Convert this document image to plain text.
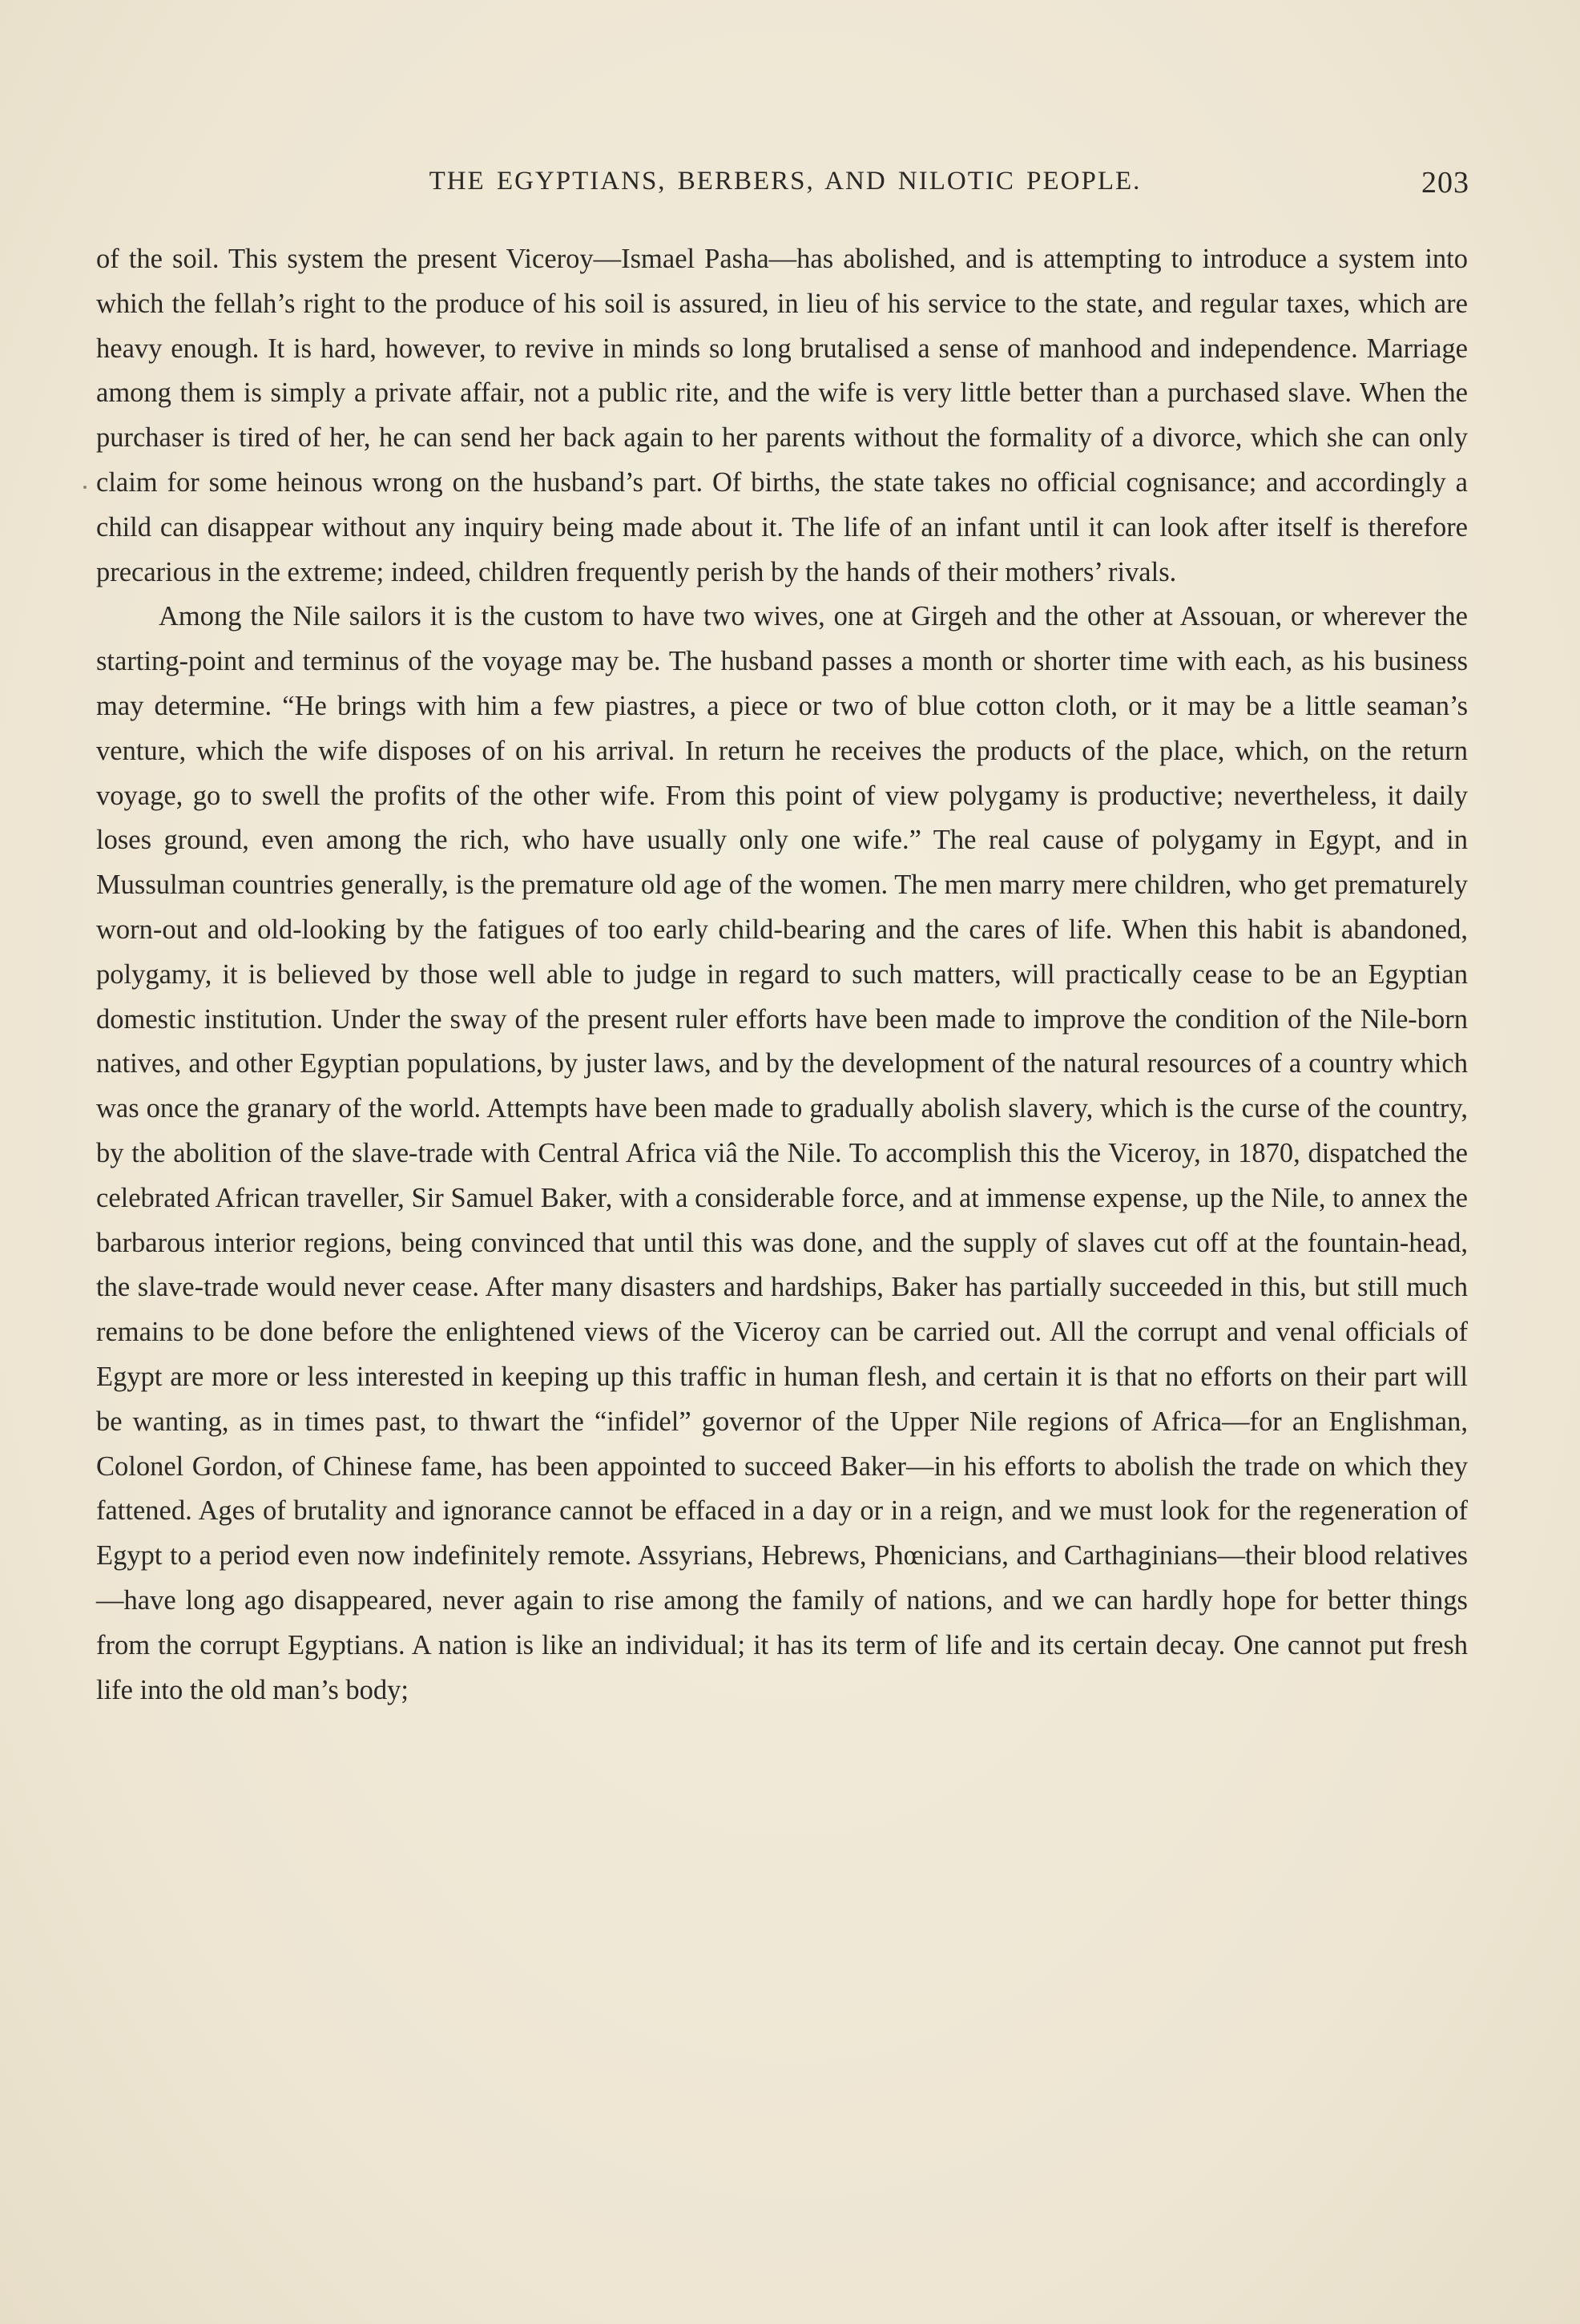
THE EGYPTIANS, BERBERS, AND NILOTIC PEOPLE.	203

of the soil. This system the present Viceroy—Ismael Pasha—has abolished, and is attempting to introduce a system into which the fellah’s right to the produce of his soil is assured, in lieu of his service to the state, and regular taxes, which are heavy enough. It is hard, however, to revive in minds so long brutalised a sense of manhood and independence. Marriage among them is simply a private affair, not a public rite, and the wife is very little better than a purchased slave. When the purchaser is tired of her, he can send her back again to her parents without the formality of a divorce, which she can only claim for some heinous wrong on the husband’s part. Of births, the state takes no official cognisance; and accordingly a child can disappear without any inquiry being made about it. The life of an infant until it can look after itself is therefore precarious in the extreme; indeed, children frequently perish by the hands of their mothers’ rivals.

Among the Nile sailors it is the custom to have two wives, one at Girgeh and the other at Assouan, or wherever the starting-point and terminus of the voyage may be. The husband passes a month or shorter time with each, as his business may determine. “He brings with him a few piastres, a piece or two of blue cotton cloth, or it may be a little seaman’s venture, which the wife disposes of on his arrival. In return he receives the products of the place, which, on the return voyage, go to swell the profits of the other wife. From this point of view polygamy is productive; nevertheless, it daily loses ground, even among the rich, who have usually only one wife.” The real cause of polygamy in Egypt, and in Mussulman countries generally, is the premature old age of the women. The men marry mere children, who get prematurely worn-out and old-looking by the fatigues of too early child-bearing and the cares of life. When this habit is abandoned, polygamy, it is believed by those well able to judge in regard to such matters, will practically cease to be an Egyptian domestic institution. Under the sway of the present ruler efforts have been made to improve the condition of the Nile-born natives, and other Egyptian populations, by juster laws, and by the development of the natural resources of a country which was once the granary of the world. Attempts have been made to gradually abolish slavery, which is the curse of the country, by the abolition of the slave-trade with Central Africa viâ the Nile. To accomplish this the Viceroy, in 1870, dispatched the celebrated African traveller, Sir Samuel Baker, with a considerable force, and at immense expense, up the Nile, to annex the barbarous interior regions, being convinced that until this was done, and the supply of slaves cut off at the fountain-head, the slave-trade would never cease. After many disasters and hardships, Baker has partially succeeded in this, but still much remains to be done before the enlightened views of the Viceroy can be carried out. All the corrupt and venal officials of Egypt are more or less interested in keeping up this traffic in human flesh, and certain it is that no efforts on their part will be wanting, as in times past, to thwart the “infidel” governor of the Upper Nile regions of Africa—for an Englishman, Colonel Gordon, of Chinese fame, has been appointed to succeed Baker—in his efforts to abolish the trade on which they fattened. Ages of brutality and ignorance cannot be effaced in a day or in a reign, and we must look for the regeneration of Egypt to a period even now indefinitely remote. Assyrians, Hebrews, Phœnicians, and Carthaginians—their blood relatives—have long ago disappeared, never again to rise among the family of nations, and we can hardly hope for better things from the corrupt Egyptians. A nation is like an individual; it has its term of life and its certain decay. One cannot put fresh life into the old man’s body;
